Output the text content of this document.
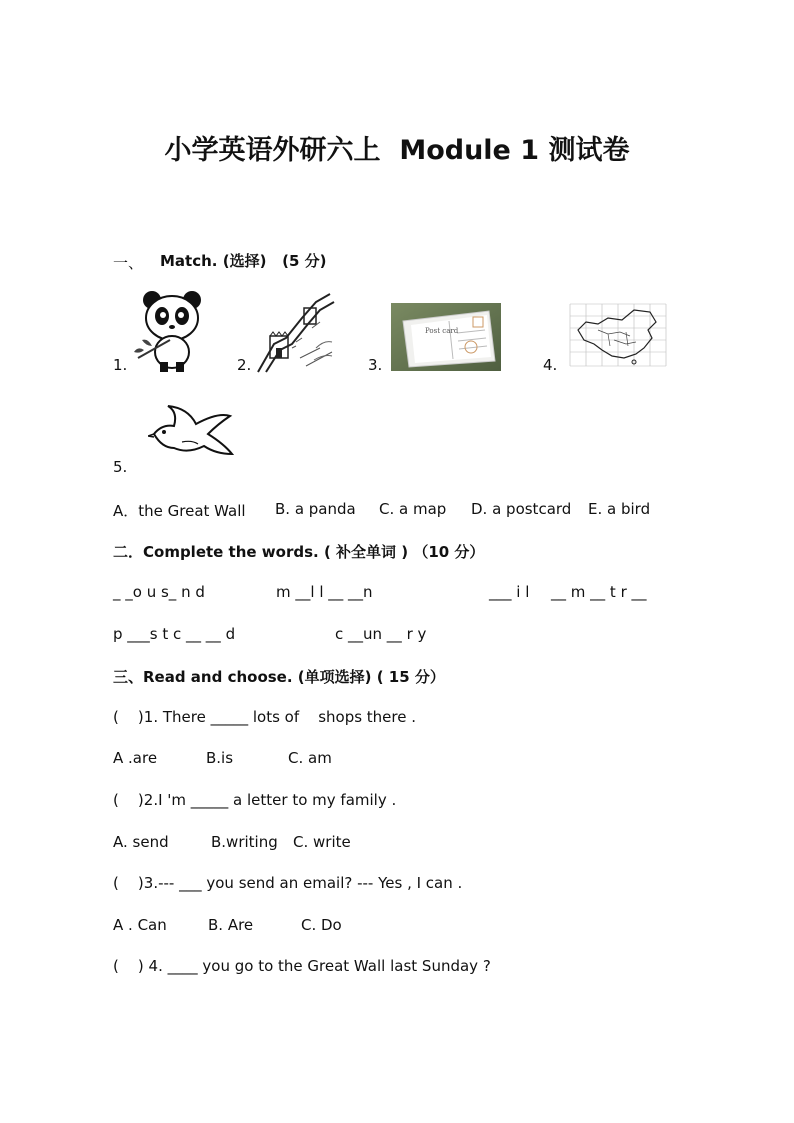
小学英语外研六上  Module 1 测试卷
一、 Match. (选择)   (5 分)
1.	2.	3.
Post card
4.
5.
A．the Great Wall B. a panda C. a map D. a postcard E. a bird
二．Complete the words. ( 补全单词 ) （10 分）
_ _o u s_ n d	m __l l __ __n	___ i l __ m __ t r __
p ___s t c __ __ d	c __un __ r y
三、Read and choose. (单项选择) ( 15 分）
(    )1. There _____ lots of    shops there .
A .are	B.is	C. am
(    )2.I 'm _____ a letter to my family .
A. send	B.writing C. write
(    )3.--- ___ you send an email? --- Yes , I can .
A . Can	B. Are	C. Do
(    ) 4. ____ you go to the Great Wall last Sunday ?
